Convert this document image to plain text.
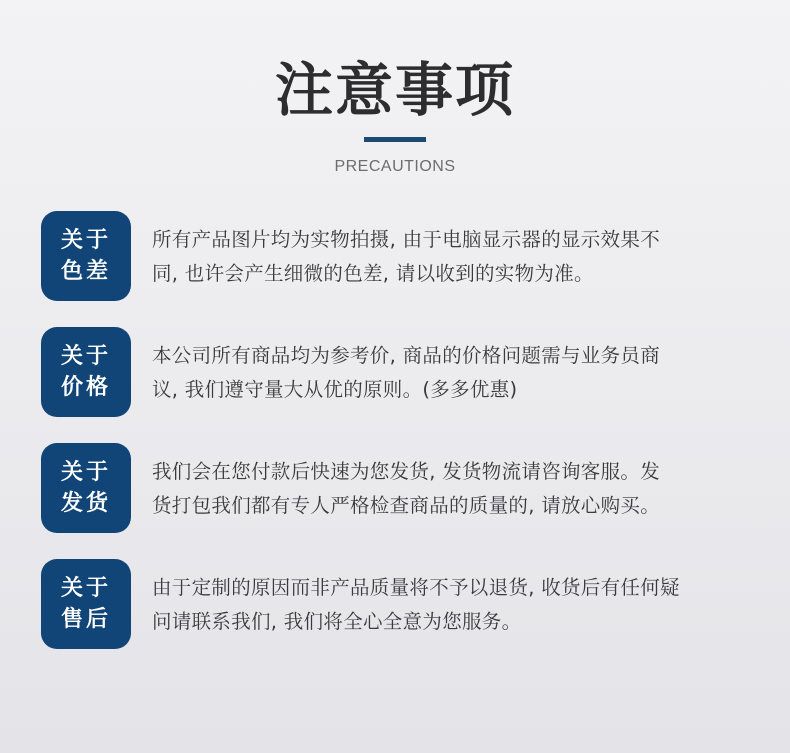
注意事项
PRECAUTIONS
关于
色差
所有产品图片均为实物拍摄, 由于电脑显示器的显示效果不
同, 也许会产生细微的色差, 请以收到的实物为准。
关于
价格
本公司所有商品均为参考价, 商品的价格问题需与业务员商
议, 我们遵守量大从优的原则。(多多优惠)
关于
发货
我们会在您付款后快速为您发货, 发货物流请咨询客服。发
货打包我们都有专人严格检查商品的质量的, 请放心购买。
关于
售后
由于定制的原因而非产品质量将不予以退货, 收货后有任何疑
问请联系我们, 我们将全心全意为您服务。
